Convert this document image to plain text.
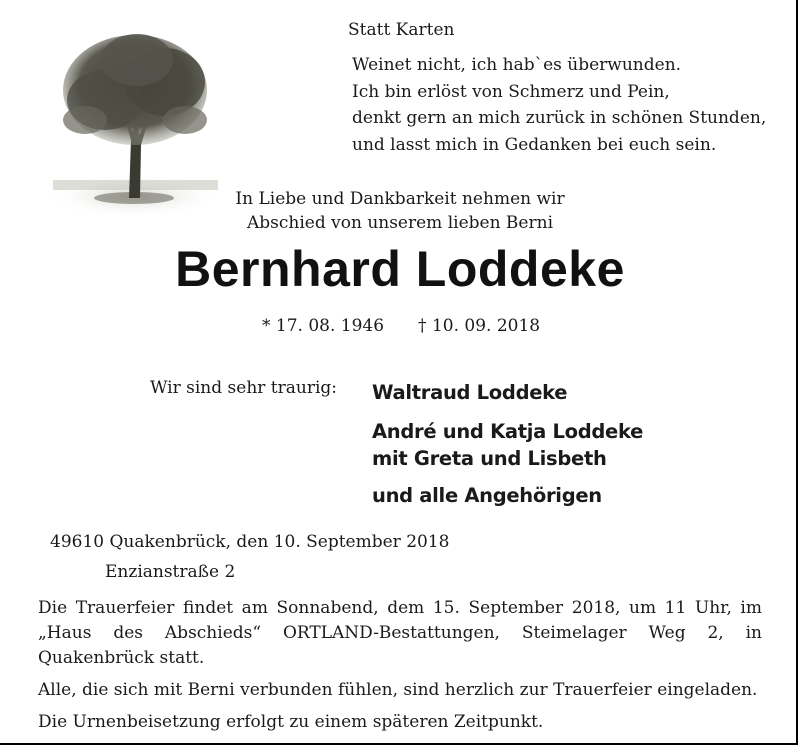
Statt Karten
Weinet nicht, ich hab`es überwunden.
Ich bin erlöst von Schmerz und Pein,
denkt gern an mich zurück in schönen Stunden,
und lasst mich in Gedanken bei euch sein.
In Liebe und Dankbarkeit nehmen wir
Abschied von unserem lieben Berni
Bernhard Loddeke
* 17. 08. 1946 † 10. 09. 2018
Wir sind sehr traurig: Waltraud Loddeke
André und Katja Loddeke
mit Greta und Lisbeth
und alle Angehörigen
49610 Quakenbrück, den 10. September 2018
Enzianstraße 2
Die Trauerfeier findet am Sonnabend, dem 15. September 2018, um 11 Uhr, im „Haus des Abschieds“ ORTLAND-Bestattungen, Steimelager Weg 2, in Quakenbrück statt.
Alle, die sich mit Berni verbunden fühlen, sind herzlich zur Trauerfeier eingeladen.
Die Urnenbeisetzung erfolgt zu einem späteren Zeitpunkt.
